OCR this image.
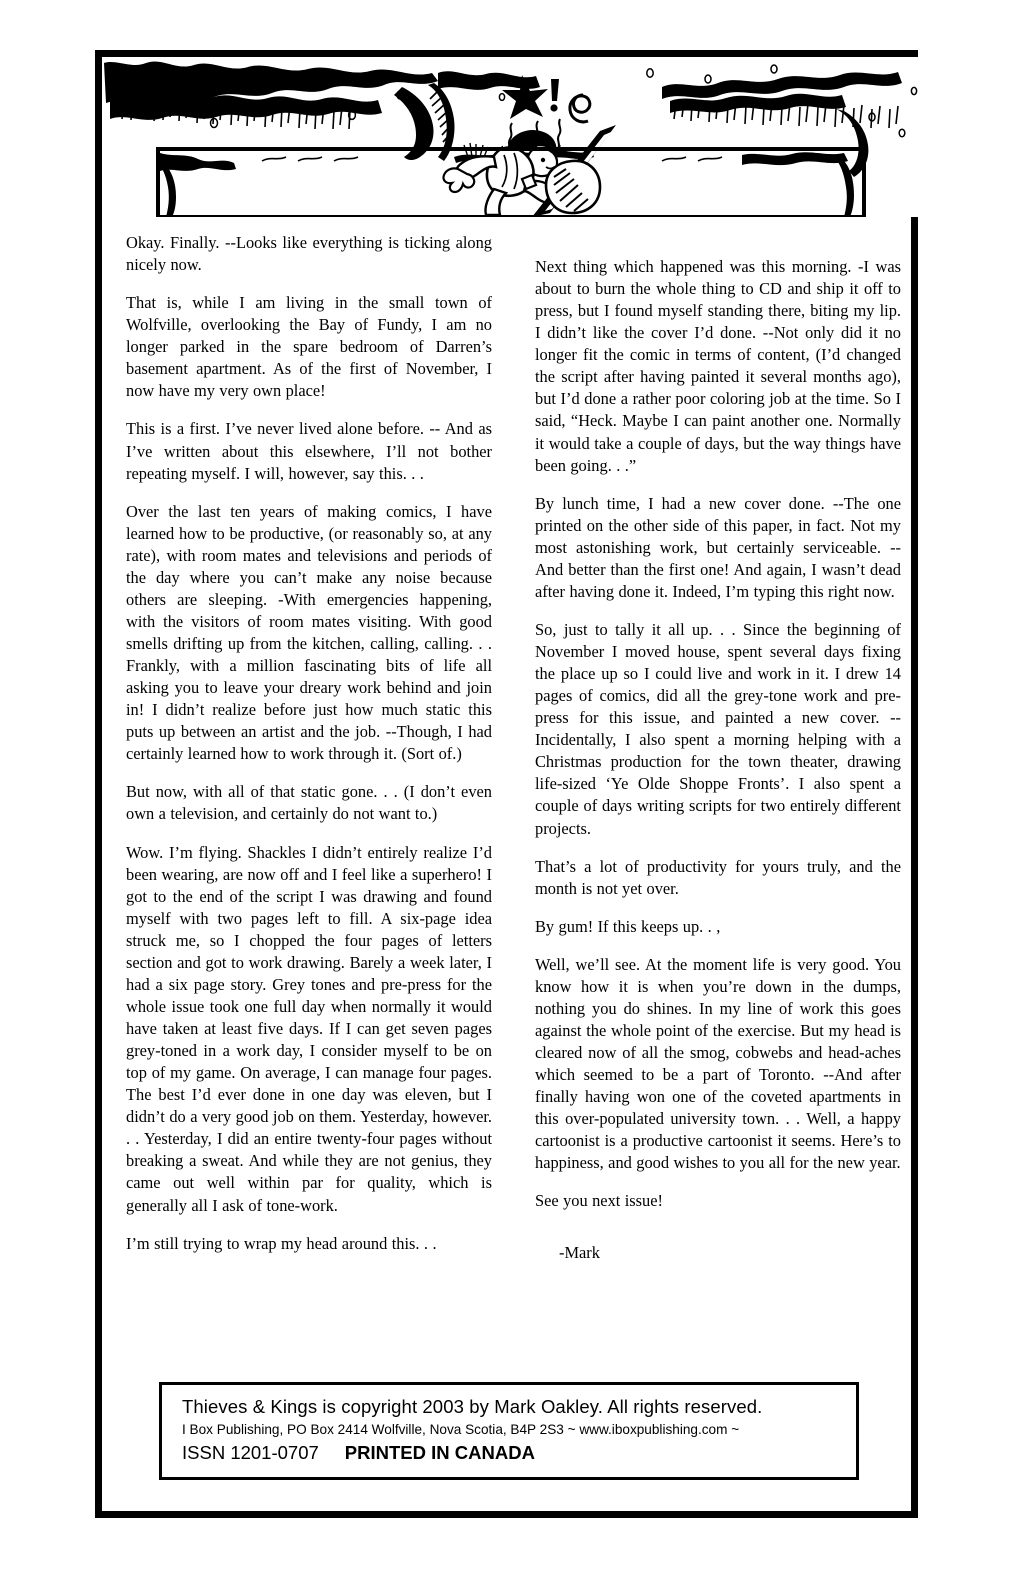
Okay. Finally. --Looks like everything is ticking along nicely now.

That is, while I am living in the small town of Wolfville, overlooking the Bay of Fundy, I am no longer parked in the spare bedroom of Darren’s basement apartment. As of the first of November, I now have my very own place!

This is a first. I’ve never lived alone before. -- And as I’ve written about this elsewhere, I’ll not bother repeating myself. I will, however, say this. . .

Over the last ten years of making comics, I have learned how to be productive, (or reasonably so, at any rate), with room mates and televisions and periods of the day where you can’t make any noise because others are sleeping. -With emergencies happening, with the visitors of room mates visiting. With good smells drifting up from the kitchen, calling, calling. . . Frankly, with a million fascinating bits of life all asking you to leave your dreary work behind and join in! I didn’t realize before just how much static this puts up between an artist and the job. --Though, I had certainly learned how to work through it. (Sort of.)

But now, with all of that static gone. . . (I don’t even own a television, and certainly do not want to.)

Wow. I’m flying. Shackles I didn’t entirely realize I’d been wearing, are now off and I feel like a superhero! I got to the end of the script I was drawing and found myself with two pages left to fill. A six-page idea struck me, so I chopped the four pages of letters section and got to work drawing. Barely a week later, I had a six page story. Grey tones and pre-press for the whole issue took one full day when normally it would have taken at least five days. If I can get seven pages grey-toned in a work day, I consider myself to be on top of my game. On average, I can manage four pages. The best I’d ever done in one day was eleven, but I didn’t do a very good job on them. Yesterday, however. . . Yesterday, I did an entire twenty-four pages without breaking a sweat. And while they are not genius, they came out well within par for quality, which is generally all I ask of tone-work.

I’m still trying to wrap my head around this. . .

Next thing which happened was this morning. -I was about to burn the whole thing to CD and ship it off to press, but I found myself standing there, biting my lip. I didn’t like the cover I’d done. --Not only did it no longer fit the comic in terms of content, (I’d changed the script after having painted it several months ago), but I’d done a rather poor coloring job at the time. So I said, “Heck. Maybe I can paint another one. Normally it would take a couple of days, but the way things have been going. . .”

By lunch time, I had a new cover done. --The one printed on the other side of this paper, in fact. Not my most astonishing work, but certainly serviceable. --And better than the first one! And again, I wasn’t dead after having done it. Indeed, I’m typing this right now.

So, just to tally it all up. . . Since the beginning of November I moved house, spent several days fixing the place up so I could live and work in it. I drew 14 pages of comics, did all the grey-tone work and pre-press for this issue, and painted a new cover. --Incidentally, I also spent a morning helping with a Christmas production for the town theater, drawing life-sized ‘Ye Olde Shoppe Fronts’. I also spent a couple of days writing scripts for two entirely different projects.

That’s a lot of productivity for yours truly, and the month is not yet over.

By gum! If this keeps up. . ,

Well, we’ll see. At the moment life is very good. You know how it is when you’re down in the dumps, nothing you do shines. In my line of work this goes against the whole point of the exercise. But my head is cleared now of all the smog, cobwebs and head-aches which seemed to be a part of Toronto. --And after finally having won one of the coveted apartments in this over-populated university town. . . Well, a happy cartoonist is a productive cartoonist it seems. Here’s to happiness, and good wishes to you all for the new year.

See you next issue!

-Mark

Thieves & Kings is copyright 2003 by Mark Oakley. All rights reserved.
I Box Publishing, PO Box 2414 Wolfville, Nova Scotia, B4P 2S3 ~ www.iboxpublishing.com ~
ISSN 1201-0707 PRINTED IN CANADA
